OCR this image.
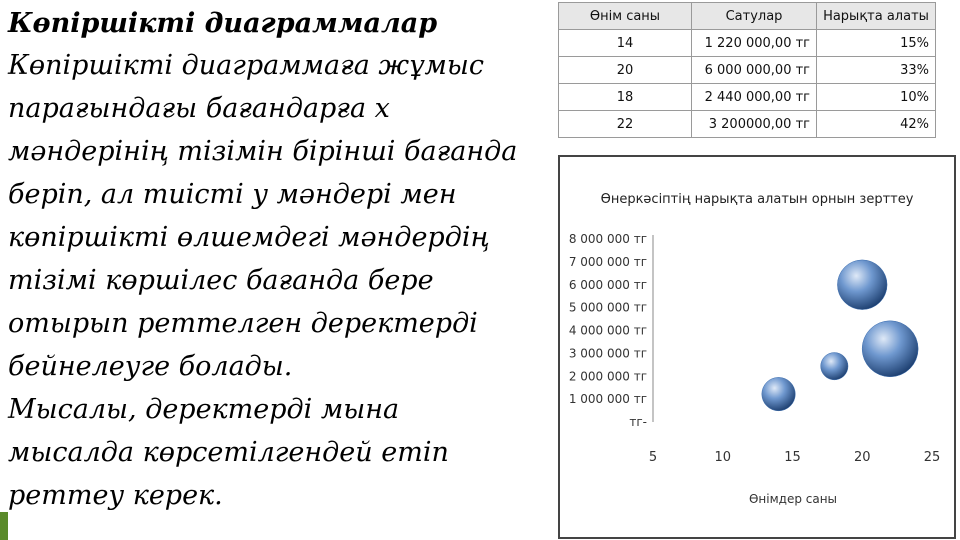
Көпіршікті диаграммалар

Көпіршікті диаграммаға жұмыс
парағындағы бағандарға х
мәндерінің тізімін бірінші бағанда
беріп, ал тиісті у мәндері мен
көпіршікті өлшемдегі мәндердің
тізімі көршілес бағанда бере
отырып реттелген деректерді
бейнелеуге болады.
Мысалы, деректерді мына
мысалда көрсетілгендей етіп
реттеу керек.

Өнім саны	Сатулар	Нарықта алаты
14	1 220 000,00 тг	15%
20	6 000 000,00 тг	33%
18	2 440 000,00 тг	10%
22	3 200000,00 тг	42%
Өнеркәсіптің нарықта алатын орнын зерттеу
тг-
1 000 000 тг
2 000 000 тг
3 000 000 тг
4 000 000 тг
5 000 000 тг
6 000 000 тг
7 000 000 тг
8 000 000 тг
5	10	15	20	25
Өнімдер саны
